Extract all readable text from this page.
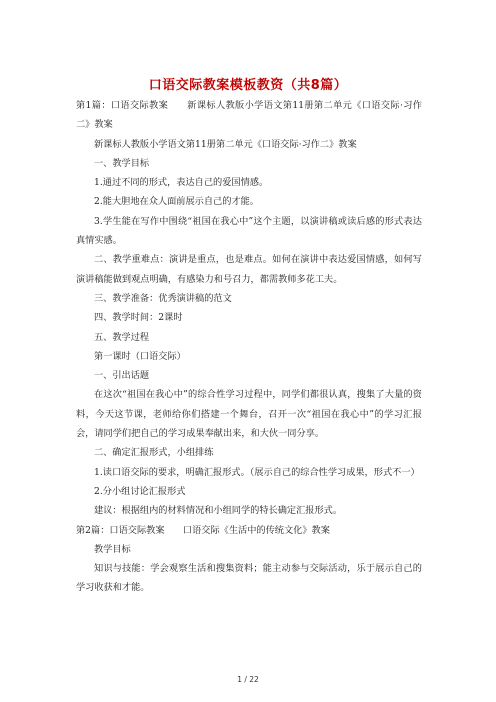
口语交际教案模板教资（共8篇）

第1篇：口语交际教案　　新课标人教版小学语文第11册第二单元《口语交际·习作二》教案

新课标人教版小学语文第11册第二单元《口语交际·习作二》教案

一、教学目标

1.通过不同的形式，表达自己的爱国情感。

2.能大胆地在众人面前展示自己的才能。

3.学生能在写作中围绕“祖国在我心中”这个主题，以演讲稿或读后感的形式表达真情实感。

二、教学重难点：演讲是重点，也是难点。如何在演讲中表达爱国情感，如何写演讲稿能做到观点明确，有感染力和号召力，都需教师多花工夫。

三、教学准备：优秀演讲稿的范文

四、教学时间：2课时

五、教学过程

第一课时（口语交际）

一、引出话题

在这次“祖国在我心中”的综合性学习过程中，同学们都很认真，搜集了大量的资料，今天这节课，老师给你们搭建一个舞台，召开一次“祖国在我心中”的学习汇报会，请同学们把自己的学习成果奉献出来，和大伙一同分享。

二、确定汇报形式，小组排练

1.读口语交际的要求，明确汇报形式。（展示自己的综合性学习成果，形式不一）

2.分小组讨论汇报形式

建议：根据组内的材料情况和小组同学的特长确定汇报形式。

第2篇：口语交际教案　　口语交际《生活中的传统文化》教案

教学目标

知识与技能：学会观察生活和搜集资料；能主动参与交际活动，乐于展示自己的学习收获和才能。

1 / 22
